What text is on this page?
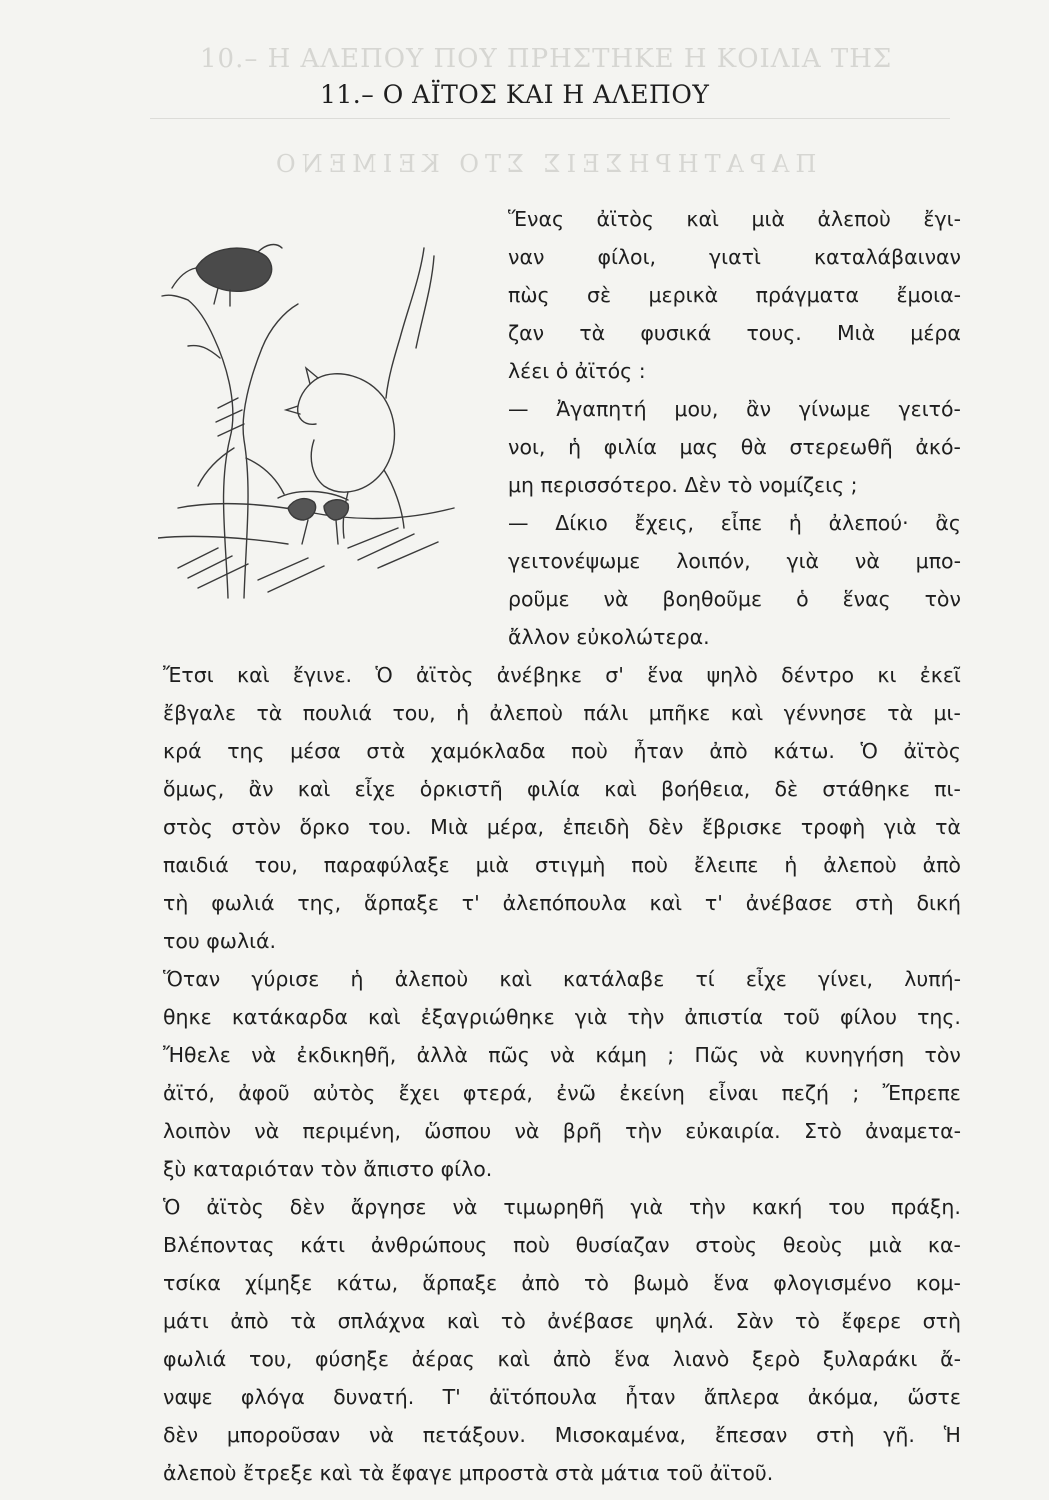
10.– Η ΑΛΕΠΟΥ ΠΟΥ ΠΡΗΣΤΗΚΕ Η ΚΟΙΛΙΑ ΤΗΣ
ΠΑΡΑΤΗΡΗΣΕΙΣ ΣΤΟ ΚΕΙΜΕΝΟ
11.– Ο ΑΪΤΟΣ ΚΑΙ Η ΑΛΕΠΟΥ
Ἕνας ἀϊτὸς καὶ μιὰ ἀλεποὺ ἔγι-
ναν	φίλοι,	γιατὶ	καταλάβαιναν
πὼς σὲ μερικὰ πράγματα ἔμοια-
ζαν τὰ φυσικά τους. Μιὰ μέρα
λέει ὁ ἀϊτός :
— Ἀγαπητή μου, ἂν γίνωμε γειτό-
νοι, ἡ φιλία μας θὰ στερεωθῆ ἀκό-
μη περισσότερο. Δὲν τὸ νομίζεις ;
— Δίκιο ἔχεις, εἶπε ἡ ἀλεπού· ἂς
γειτονέψωμε λοιπόν, γιὰ νὰ μπο-
ροῦμε νὰ βοηθοῦμε ὁ ἕνας τὸν
ἄλλον εὐκολώτερα.
Ἔτσι καὶ ἔγινε. Ὁ ἀϊτὸς ἀνέβηκε σ' ἕνα ψηλὸ δέντρο κι ἐκεῖ
ἔβγαλε τὰ πουλιά του, ἡ ἀλεποὺ πάλι μπῆκε καὶ γέννησε τὰ μι-
κρά της μέσα στὰ χαμόκλαδα ποὺ ἦταν ἀπὸ κάτω. Ὁ ἀϊτὸς
ὅμως, ἂν καὶ εἶχε ὁρκιστῆ φιλία καὶ βοήθεια, δὲ στάθηκε πι-
στὸς στὸν ὅρκο του. Μιὰ μέρα, ἐπειδὴ δὲν ἔβρισκε τροφὴ γιὰ τὰ
παιδιά του, παραφύλαξε μιὰ στιγμὴ ποὺ ἔλειπε ἡ ἀλεποὺ ἀπὸ
τὴ φωλιά της, ἅρπαξε τ' ἀλεπόπουλα καὶ τ' ἀνέβασε στὴ δική
του φωλιά.
Ὅταν γύρισε ἡ ἀλεποὺ καὶ κατάλαβε τί εἶχε γίνει, λυπή-
θηκε κατάκαρδα καὶ ἐξαγριώθηκε γιὰ τὴν ἀπιστία τοῦ φίλου της.
Ἤθελε νὰ ἐκδικηθῆ, ἀλλὰ πῶς νὰ κάμη ; Πῶς νὰ κυνηγήση τὸν
ἀϊτό, ἀφοῦ αὐτὸς ἔχει φτερά, ἐνῶ ἐκείνη εἶναι πεζή ; Ἔπρεπε
λοιπὸν νὰ περιμένη, ὥσπου νὰ βρῆ τὴν εὐκαιρία. Στὸ ἀναμετα-
ξὺ καταριόταν τὸν ἄπιστο φίλο.
Ὁ ἀϊτὸς δὲν ἄργησε νὰ τιμωρηθῆ γιὰ τὴν κακή του πράξη.
Βλέποντας κάτι ἀνθρώπους ποὺ θυσίαζαν στοὺς θεοὺς μιὰ κα-
τσίκα χίμηξε κάτω, ἅρπαξε ἀπὸ τὸ βωμὸ ἕνα φλογισμένο κομ-
μάτι ἀπὸ τὰ σπλάχνα καὶ τὸ ἀνέβασε ψηλά. Σὰν τὸ ἔφερε στὴ
φωλιά του, φύσηξε ἀέρας καὶ ἀπὸ ἕνα λιανὸ ξερὸ ξυλαράκι ἄ-
ναψε φλόγα δυνατή. Τ' ἀϊτόπουλα ἦταν ἄπλερα ἀκόμα, ὥστε
δὲν μποροῦσαν νὰ πετάξουν. Μισοκαμένα, ἔπεσαν στὴ γῆ. Ἡ
ἀλεποὺ ἔτρεξε καὶ τὰ ἔφαγε μπροστὰ στὰ μάτια τοῦ ἀϊτοῦ.
